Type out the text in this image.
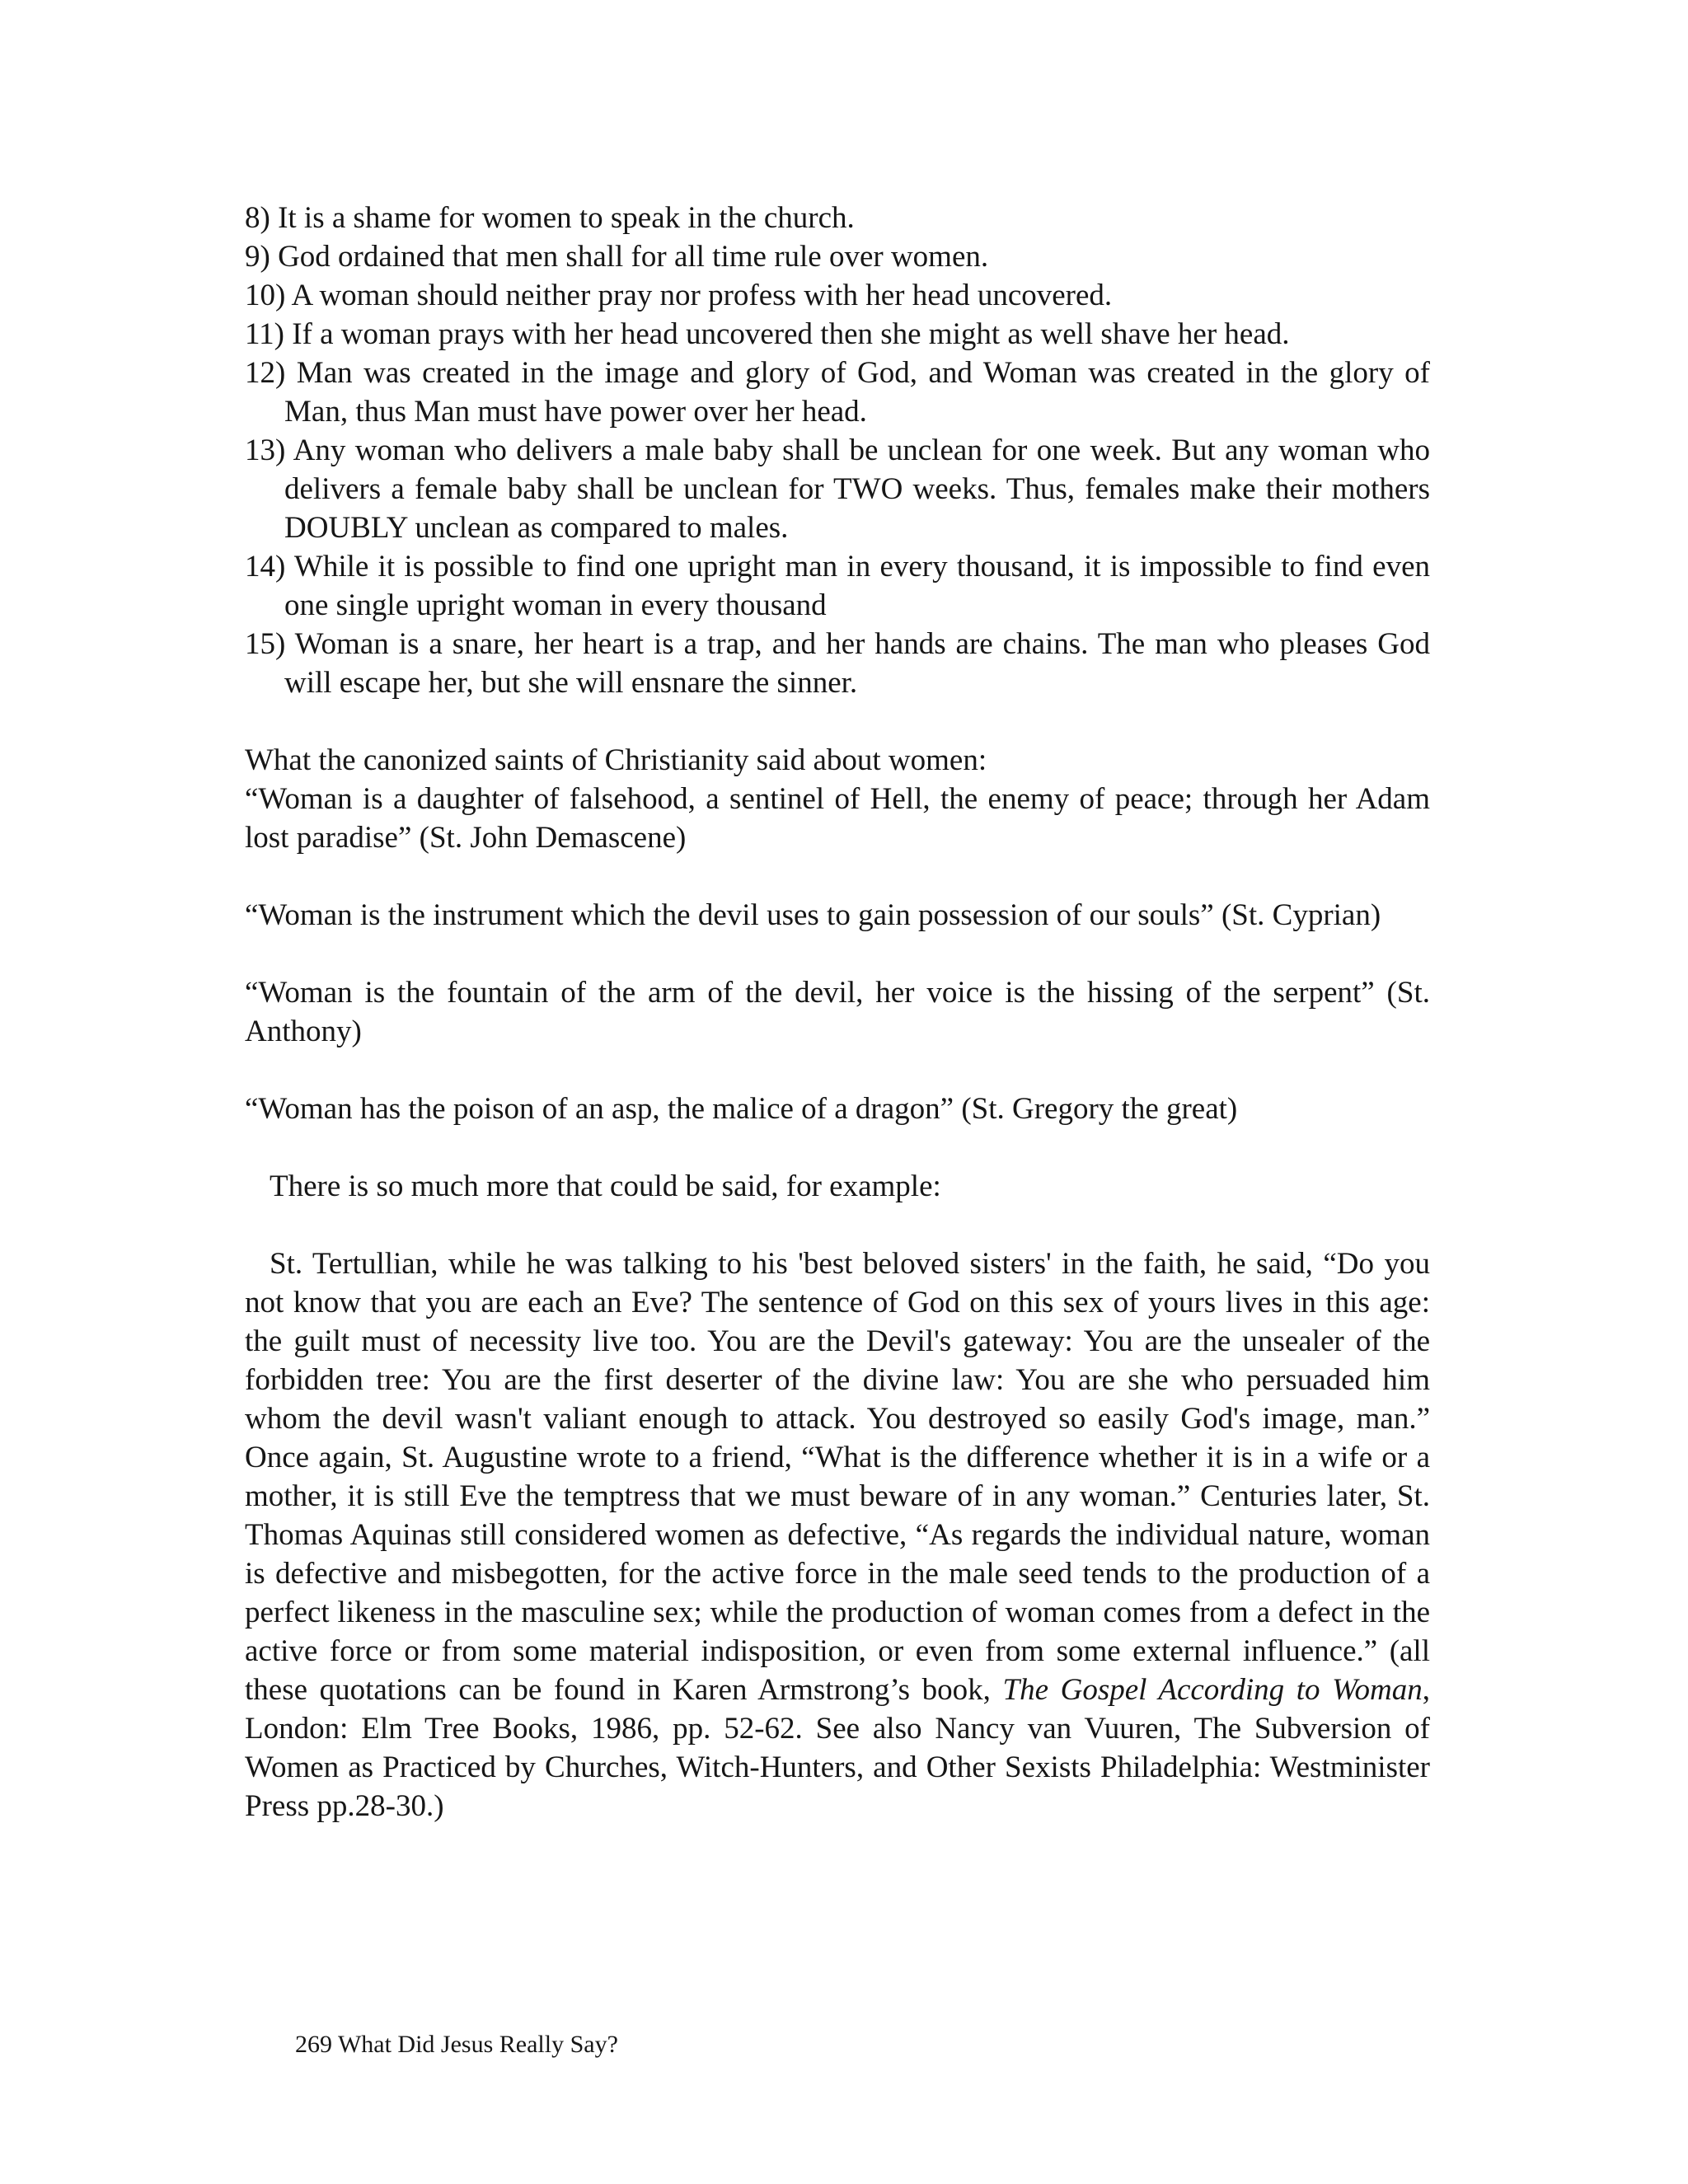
8) It is a shame for women to speak in the church.
9) God ordained that men shall for all time rule over women.
10) A woman should neither pray nor profess with her head uncovered.
11) If a woman prays with her head uncovered then she might as well shave her head.
12) Man was created in the image and glory of God, and Woman was created in the glory of Man, thus Man must have power over her head.
13) Any woman who delivers a male baby shall be unclean for one week. But any woman who delivers a female baby shall be unclean for TWO weeks. Thus, females make their mothers DOUBLY unclean as compared to males.
14) While it is possible to find one upright man in every thousand, it is impossible to find even one single upright woman in every thousand
15) Woman is a snare, her heart is a trap, and her hands are chains. The man who pleases God will escape her, but she will ensnare the sinner.
What the canonized saints of Christianity said about women:
“Woman is a daughter of falsehood, a sentinel of Hell, the enemy of peace; through her Adam lost paradise” (St. John Demascene)
“Woman is the instrument which the devil uses to gain possession of our souls” (St. Cyprian)
“Woman is the fountain of the arm of the devil, her voice is the hissing of the serpent” (St. Anthony)
“Woman has the poison of an asp, the malice of a dragon” (St. Gregory the great)
There is so much more that could be said, for example:
St. Tertullian, while he was talking to his 'best beloved sisters' in the faith, he said, “Do you not know that you are each an Eve? The sentence of God on this sex of yours lives in this age: the guilt must of necessity live too. You are the Devil's gateway: You are the unsealer of the forbidden tree: You are the first deserter of the divine law: You are she who persuaded him whom the devil wasn't valiant enough to attack. You destroyed so easily God's image, man.” Once again, St. Augustine wrote to a friend, “What is the difference whether it is in a wife or a mother, it is still Eve the temptress that we must beware of in any woman.” Centuries later, St. Thomas Aquinas still considered women as defective, “As regards the individual nature, woman is defective and misbegotten, for the active force in the male seed tends to the production of a perfect likeness in the masculine sex; while the production of woman comes from a defect in the active force or from some material indisposition, or even from some external influence.” (all these quotations can be found in Karen Armstrong’s book, The Gospel According to Woman, London: Elm Tree Books, 1986, pp. 52-62. See also Nancy van Vuuren, The Subversion of Women as Practiced by Churches, Witch-Hunters, and Other Sexists Philadelphia: Westminister Press pp.28-30.)
269 What Did Jesus Really Say?
